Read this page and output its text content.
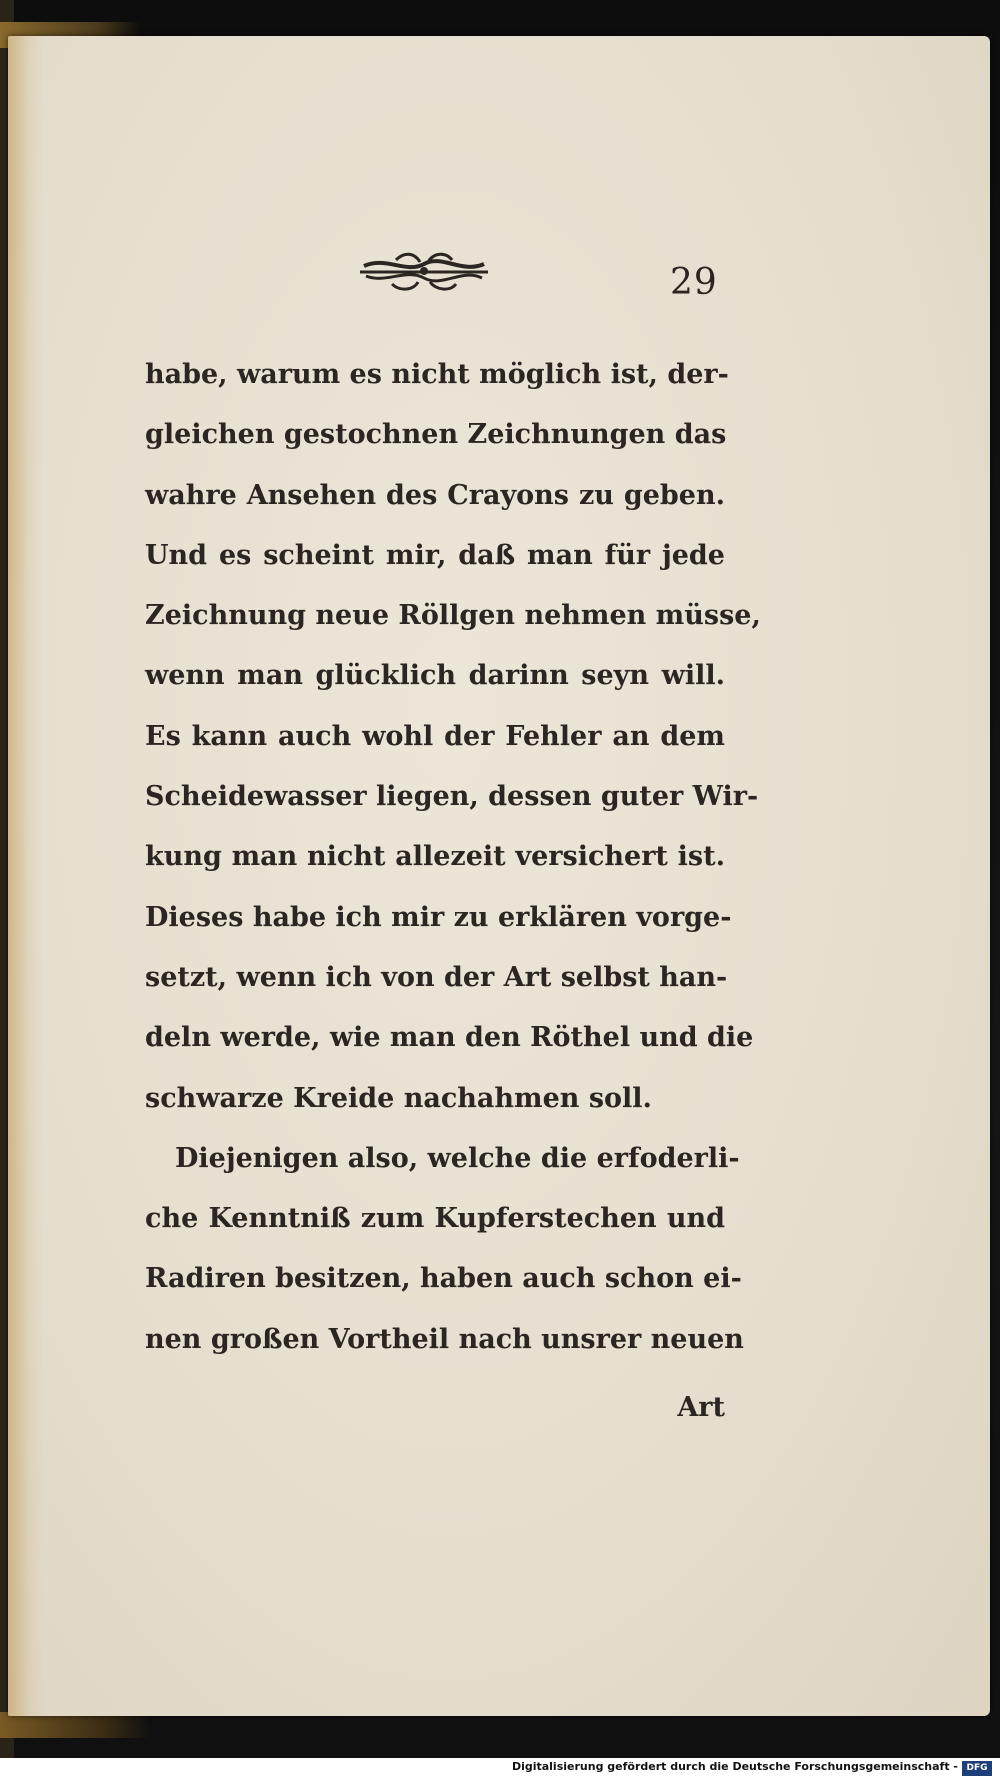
29
habe, warum es nicht möglich ist, der-
gleichen gestochnen Zeichnungen das
wahre Ansehen des Crayons zu geben.
Und es scheint mir, daß man für jede
Zeichnung neue Röllgen nehmen müsse,
wenn man glücklich darinn seyn will.
Es kann auch wohl der Fehler an dem
Scheidewasser liegen, dessen guter Wir-
kung man nicht allezeit versichert ist.
Dieses habe ich mir zu erklären vorge-
setzt, wenn ich von der Art selbst han-
deln werde, wie man den Röthel und die
schwarze Kreide nachahmen soll.
Diejenigen also, welche die erfoderli-
che Kenntniß zum Kupferstechen und
Radiren besitzen, haben auch schon ei-
nen großen Vortheil nach unsrer neuen
Art
Digitalisierung gefördert durch die Deutsche Forschungsgemeinschaft - DFG
